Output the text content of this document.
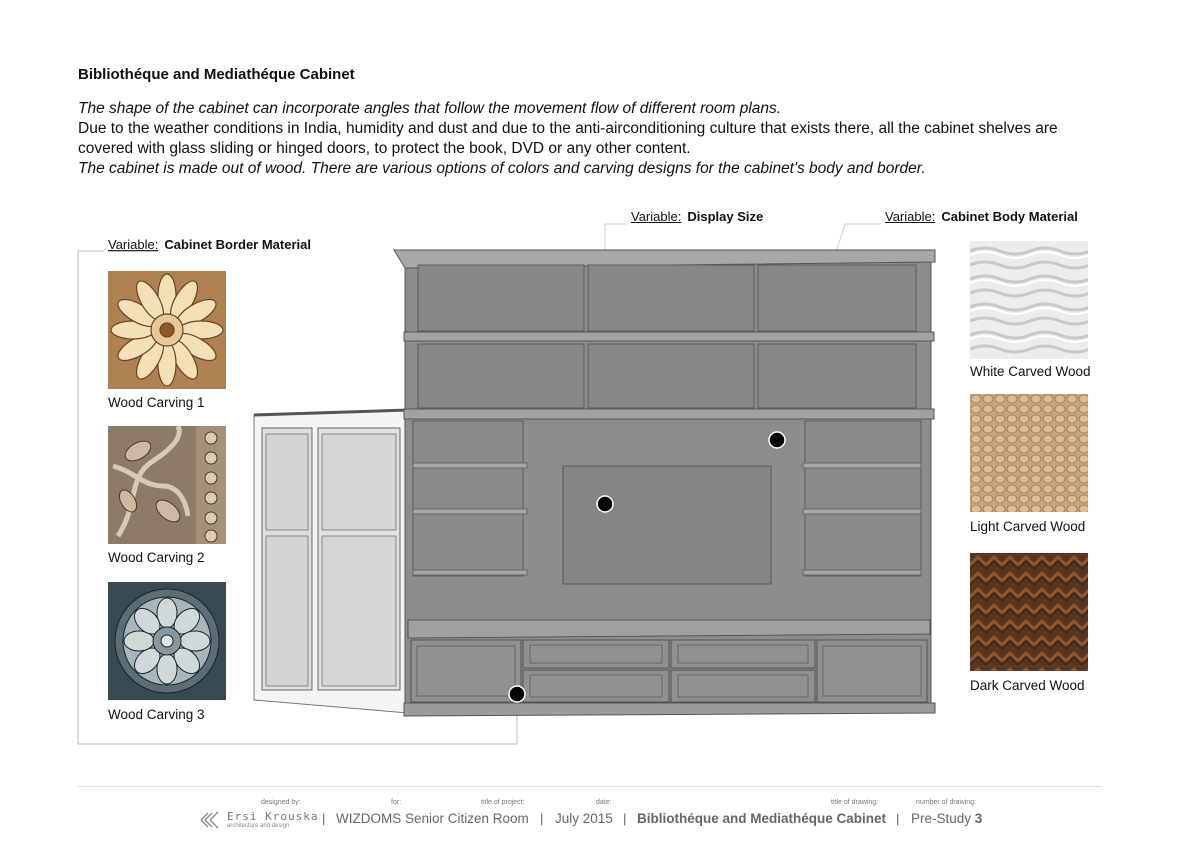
Bibliothéque and Mediathéque Cabinet
The shape of the cabinet can incorporate angles that follow the movement flow of different room plans.
Due to the weather conditions in India, humidity and dust and due to the anti-airconditioning culture that exists there, all the cabinet shelves are
covered with glass sliding or hinged doors, to protect the book, DVD or any other content.
The cabinet is made out of wood. There are various options of colors and carving designs for the cabinet's body and border.
Variable: Cabinet Border Material
Variable: Display Size	Variable: Cabinet Body Material
Wood Carving 1
Wood Carving 2
Wood Carving 3
White Carved Wood
Light Carved Wood
Dark Carved Wood
designed by:	for:	title of project:	date:	title of drawing:	number of drawing:
Ersi Krouska
architecture and design	| WIZDOMS Senior Citizen Room | July 2015 | Bibliothéque and Mediathéque Cabinet | Pre-Study 3
